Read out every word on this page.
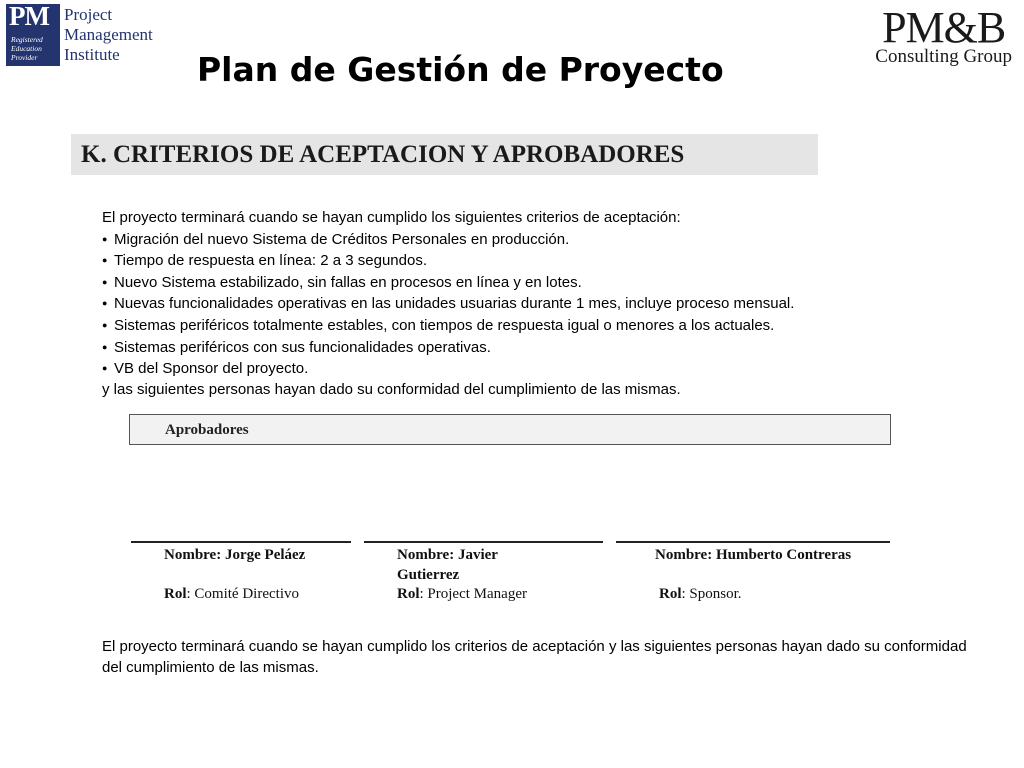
PM
Registered
Education
Provider
Project
Management
Institute
PM&B
Consulting Group
Plan de Gestión de Proyecto
K. CRITERIOS DE ACEPTACION Y APROBADORES
El proyecto terminará cuando se hayan cumplido los siguientes criterios de aceptación:
● Migración del nuevo Sistema de Créditos Personales en producción.
● Tiempo de respuesta en línea: 2 a 3 segundos.
● Nuevo Sistema estabilizado, sin fallas en procesos en línea y en lotes.
● Nuevas funcionalidades operativas en las unidades usuarias durante 1 mes, incluye proceso mensual.
● Sistemas periféricos totalmente estables, con tiempos de respuesta igual o menores a los actuales.
● Sistemas periféricos con sus funcionalidades operativas.
● VB del Sponsor del proyecto.
y las siguientes personas hayan dado su conformidad del cumplimiento de las mismas.
Aprobadores
Nombre: Jorge Peláez
Rol: Comité Directivo
Nombre: Javier Gutierrez
Rol: Project Manager
Nombre: Humberto Contreras
Rol: Sponsor.
El proyecto terminará cuando se hayan cumplido los criterios de aceptación y las siguientes personas hayan dado su conformidad del cumplimiento de las mismas.
